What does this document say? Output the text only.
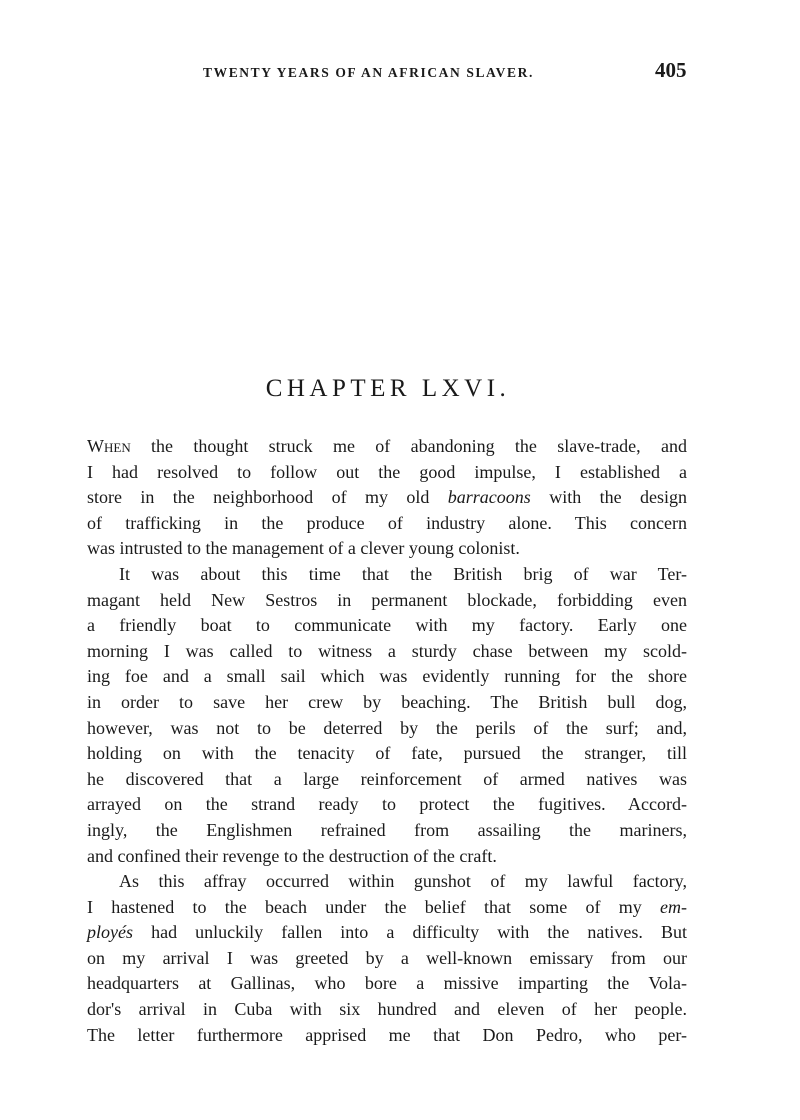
TWENTY YEARS OF AN AFRICAN SLAVER.	405
CHAPTER LXVI.
When the thought struck me of abandoning the slave-trade, and
I had resolved to follow out the good impulse, I established a
store in the neighborhood of my old barracoons with the design
of trafficking in the produce of industry alone. This concern
was intrusted to the management of a clever young colonist.
It was about this time that the British brig of war Ter-
magant held New Sestros in permanent blockade, forbidding even
a friendly boat to communicate with my factory. Early one
morning I was called to witness a sturdy chase between my scold-
ing foe and a small sail which was evidently running for the shore
in order to save her crew by beaching. The British bull dog,
however, was not to be deterred by the perils of the surf; and,
holding on with the tenacity of fate, pursued the stranger, till
he discovered that a large reinforcement of armed natives was
arrayed on the strand ready to protect the fugitives. Accord-
ingly, the Englishmen refrained from assailing the mariners,
and confined their revenge to the destruction of the craft.
As this affray occurred within gunshot of my lawful factory,
I hastened to the beach under the belief that some of my em-
ployés had unluckily fallen into a difficulty with the natives. But
on my arrival I was greeted by a well-known emissary from our
headquarters at Gallinas, who bore a missive imparting the Vola-
dor's arrival in Cuba with six hundred and eleven of her people.
The letter furthermore apprised me that Don Pedro, who per-
